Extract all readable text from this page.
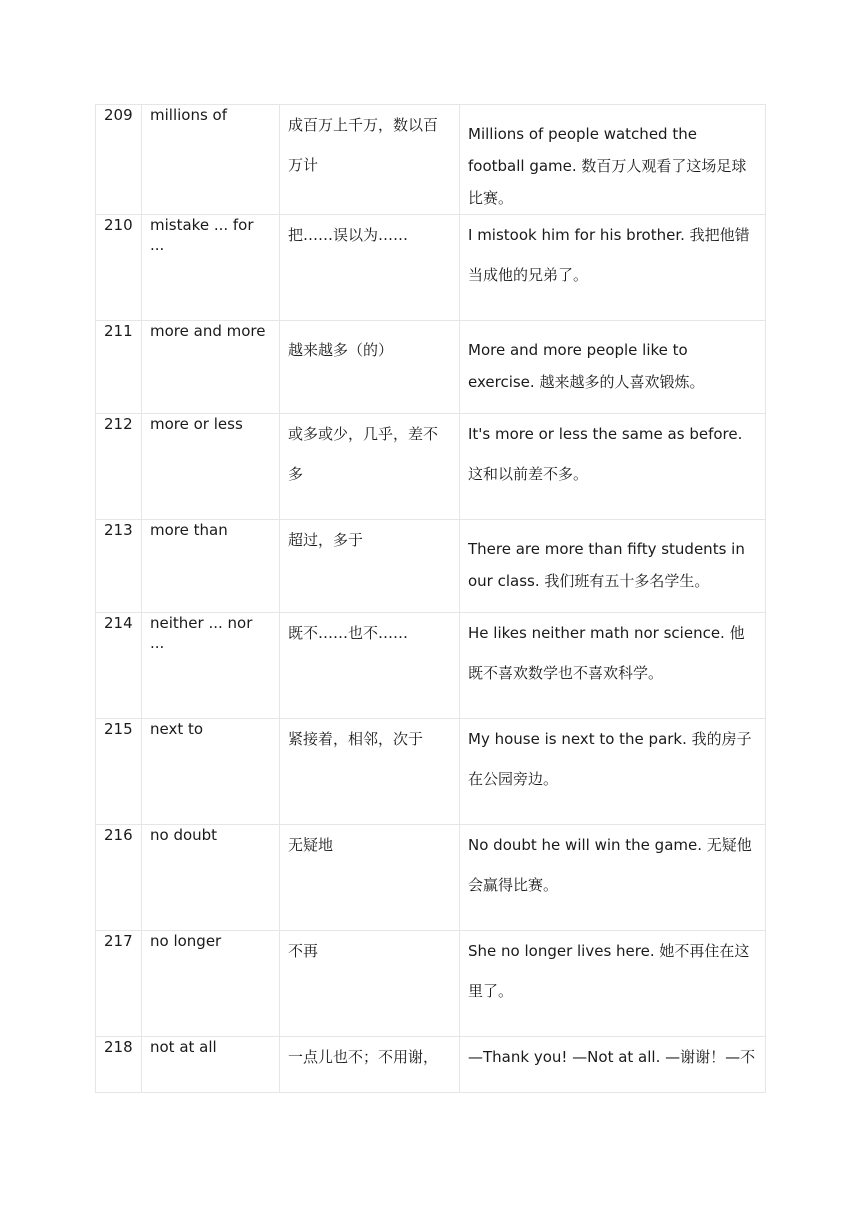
209	millions of	成百万上千万，数以百万计	Millions of people watched the football game. 数百万人观看了这场足球比赛。
210	mistake ... for ...	把……误以为……	I mistook him for his brother. 我把他错当成他的兄弟了。
211	more and more	越来越多（的）	More and more people like to exercise. 越来越多的人喜欢锻炼。
212	more or less	或多或少，几乎，差不多	It's more or less the same as before. 这和以前差不多。
213	more than	超过，多于	There are more than fifty students in our class. 我们班有五十多名学生。
214	neither ... nor ...	既不……也不……	He likes neither math nor science. 他既不喜欢数学也不喜欢科学。
215	next to	紧接着，相邻，次于	My house is next to the park. 我的房子在公园旁边。
216	no doubt	无疑地	No doubt he will win the game. 无疑他会赢得比赛。
217	no longer	不再	She no longer lives here. 她不再住在这里了。
218	not at all	一点儿也不；不用谢，	—Thank you! —Not at all. —谢谢！—不
